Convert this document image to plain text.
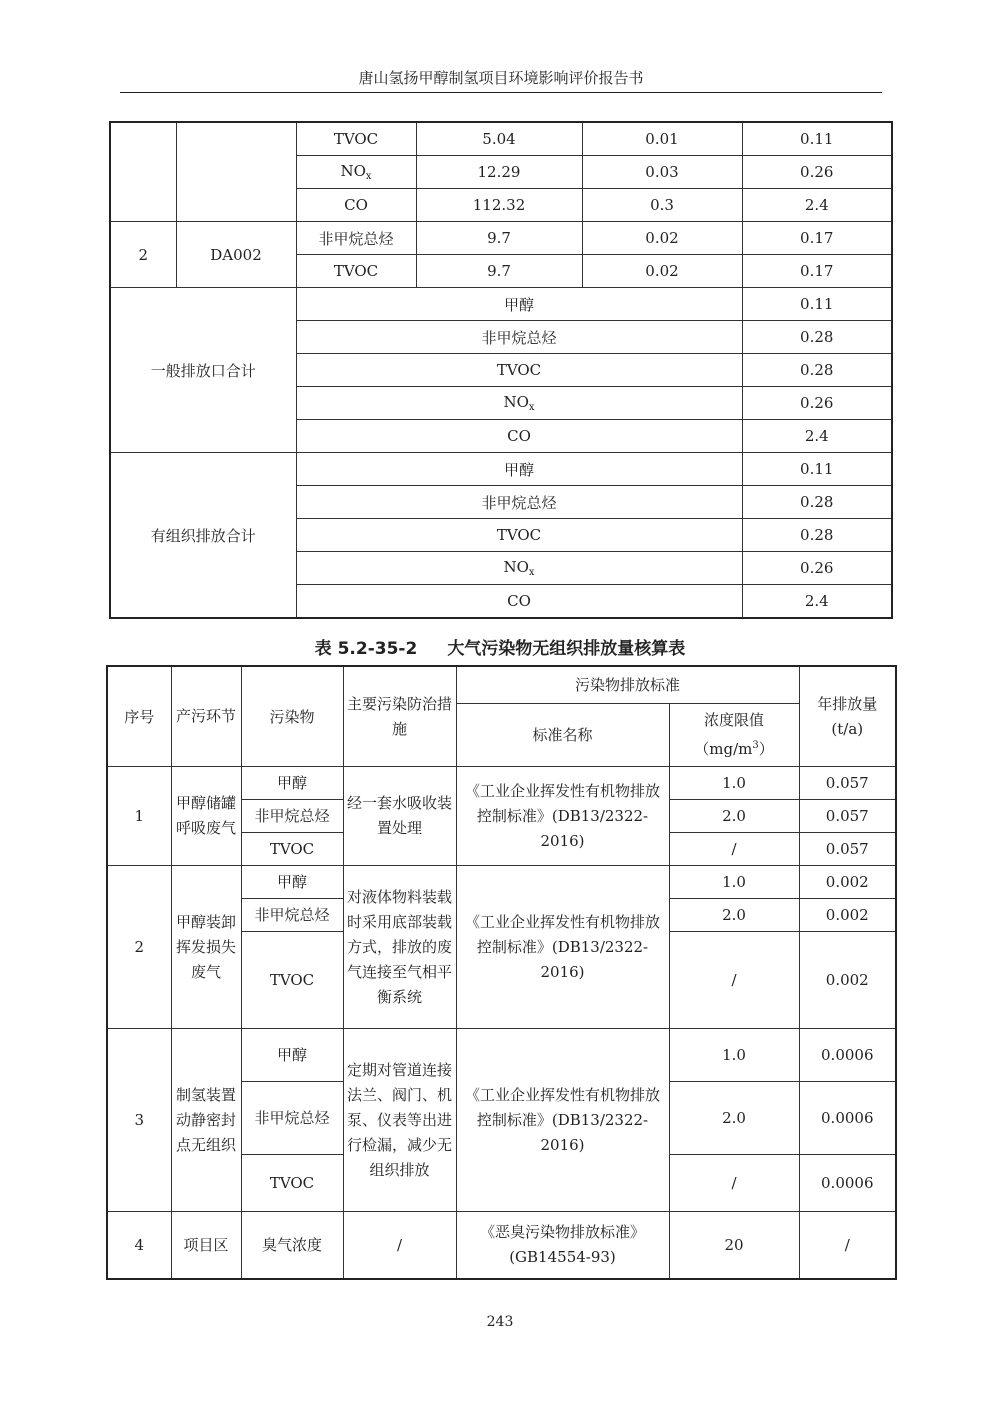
唐山氢扬甲醇制氢项目环境影响评价报告书
		TVOC	5.04	0.01	0.11
		$NO_x$	12.29	0.03	0.26
		CO	112.32	0.3	2.4
2	DA002	非甲烷总烃	9.7	0.02	0.17
		TVOC	9.7	0.02	0.17
一般排放口合计		甲醇			0.11
		非甲烷总烃			0.28
		TVOC			0.28
		$NO_x$			0.26
		CO			2.4
有组织排放合计		甲醇			0.11
		非甲烷总烃			0.28
		TVOC			0.28
		$NO_x$			0.26
		CO			2.4
表 5.2-35-2 大气污染物无组织排放量核算表
序号	产污环节	污染物	主要污染防治措施	污染物排放标准		年排放量
(t/a)

				标准名称	浓度限值
$(mg/m^3)$	

1	甲醇储罐呼吸废气	甲醇	经一套水吸收装置处理	《工业企业挥发性有机物排放控制标准》(DB13/2322-2016)	1.0	0.057
		非甲烷总烃			2.0	0.057
		TVOC			/	0.057
2	甲醇装卸挥发损失废气	甲醇	对液体物料装载时采用底部装载方式，排放的废气连接至气相平衡系统	《工业企业挥发性有机物排放控制标准》(DB13/2322-2016)	1.0	0.002
		非甲烷总烃			2.0	0.002
		TVOC			/	0.002
3	制氢装置动静密封点无组织	甲醇	定期对管道连接法兰、阀门、机泵、仪表等出进行检漏，减少无组织排放	《工业企业挥发性有机物排放控制标准》(DB13/2322-2016)	1.0	0.0006
		非甲烷总烃			2.0	0.0006
		TVOC			/	0.0006
4	项目区	臭气浓度	/	《恶臭污染物排放标准》(GB14554-93)	20	/
243
